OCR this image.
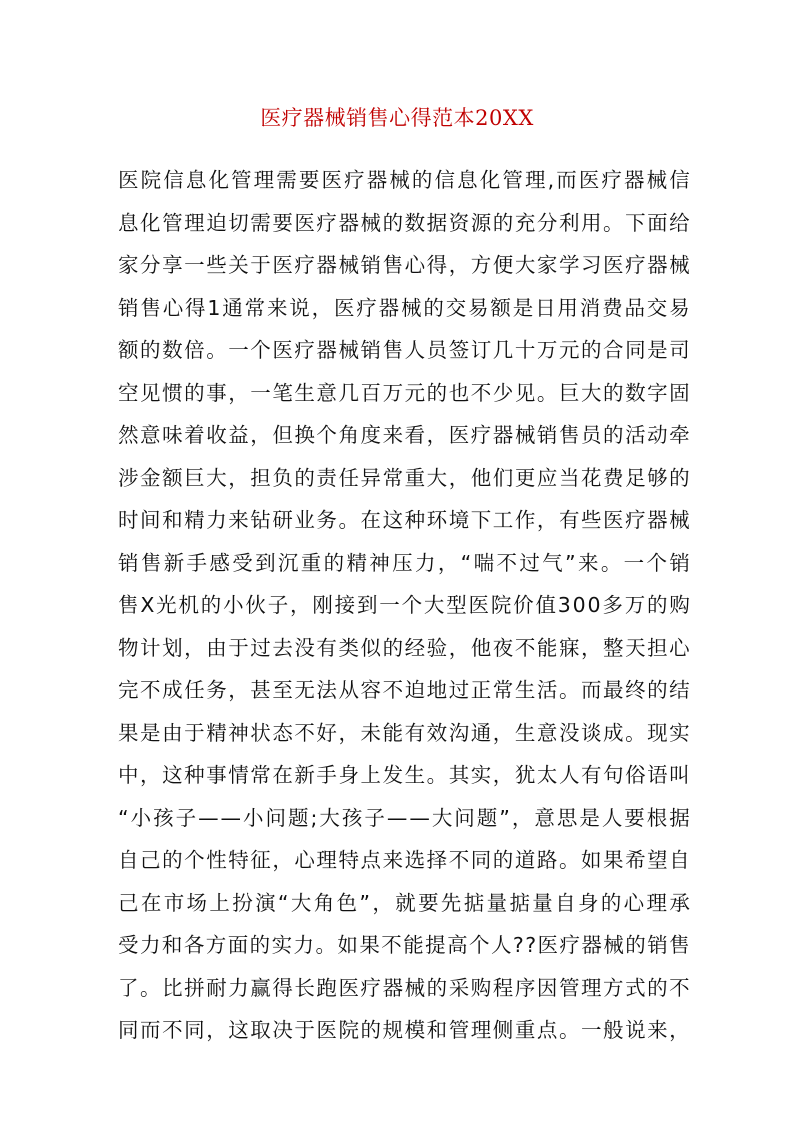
医疗器械销售心得范本20XX
医 院 信 息 化 管 理 需 要 医 疗 器 械 的 信 息 化 管 理 , 而 医 疗 器 械 信
息 化 管 理 迫 切 需 要 医 疗 器 械 的 数 据 资 源 的 充 分 利 用 。 下 面 给
家 分 享 一 些 关 于 医 疗 器 械 销 售 心 得 ， 方 便 大 家 学 习 医 疗 器 械
销 售 心 得 1 通 常 来 说 ， 医 疗 器 械 的 交 易 额 是 日 用 消 费 品 交 易
额 的 数 倍 。 一 个 医 疗 器 械 销 售 人 员 签 订 几 十 万 元 的 合 同 是 司
空 见 惯 的 事 ， 一 笔 生 意 几 百 万 元 的 也 不 少 见 。 巨 大 的 数 字 固
然 意 味 着 收 益 ， 但 换 个 角 度 来 看 ， 医 疗 器 械 销 售 员 的 活 动 牵
涉 金 额 巨 大 ， 担 负 的 责 任 异 常 重 大 ， 他 们 更 应 当 花 费 足 够 的
时 间 和 精 力 来 钻 研 业 务 。 在 这 种 环 境 下 工 作 ， 有 些 医 疗 器 械
销 售 新 手 感 受 到 沉 重 的 精 神 压 力 ， “ 喘 不 过 气 ” 来 。 一 个 销
售 X 光 机 的 小 伙 子 ， 刚 接 到 一 个 大 型 医 院 价 值 3 0 0 多 万 的 购
物 计 划 ， 由 于 过 去 没 有 类 似 的 经 验 ， 他 夜 不 能 寐 ， 整 天 担 心
完 不 成 任 务 ， 甚 至 无 法 从 容 不 迫 地 过 正 常 生 活 。 而 最 终 的 结
果 是 由 于 精 神 状 态 不 好 ， 未 能 有 效 沟 通 ， 生 意 没 谈 成 。 现 实
中 ， 这 种 事 情 常 在 新 手 身 上 发 生 。 其 实 ， 犹 太 人 有 句 俗 语 叫
“ 小 孩 子 — — 小 问 题 ; 大 孩 子 — — 大 问 题 ” ， 意 思 是 人 要 根 据
自 己 的 个 性 特 征 ， 心 理 特 点 来 选 择 不 同 的 道 路 。 如 果 希 望 自
己 在 市 场 上 扮 演 “ 大 角 色 ” ， 就 要 先 掂 量 掂 量 自 身 的 心 理 承
受 力 和 各 方 面 的 实 力 。 如 果 不 能 提 高 个 人 ? ? 医 疗 器 械 的 销 售
了 。 比 拼 耐 力 赢 得 长 跑 医 疗 器 械 的 采 购 程 序 因 管 理 方 式 的 不
同 而 不 同 ， 这 取 决 于 医 院 的 规 模 和 管 理 侧 重 点 。 一 般 说 来 ，
